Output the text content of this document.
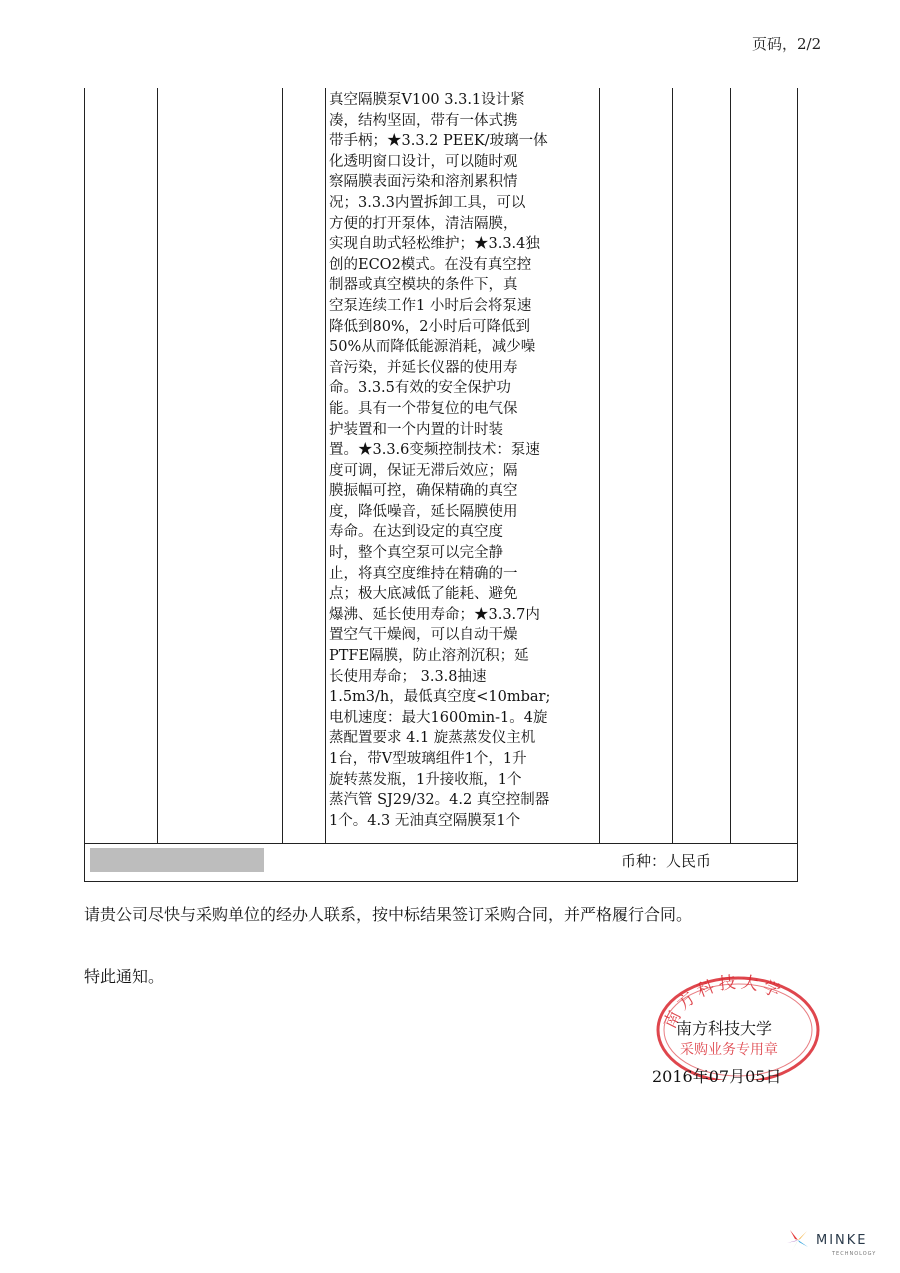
页码，2/2
真空隔膜泵V100 3.3.1设计紧
凑，结构坚固，带有一体式携
带手柄；★3.3.2 PEEK/玻璃一体
化透明窗口设计，可以随时观
察隔膜表面污染和溶剂累积情
况；3.3.3内置拆卸工具，可以
方便的打开泵体，清洁隔膜，
实现自助式轻松维护；★3.3.4独
创的ECO2模式。在没有真空控
制器或真空模块的条件下，真
空泵连续工作1 小时后会将泵速
降低到80%，2小时后可降低到
50%从而降低能源消耗，减少噪
音污染，并延长仪器的使用寿
命。3.3.5有效的安全保护功
能。具有一个带复位的电气保
护装置和一个内置的计时装
置。★3.3.6变频控制技术：泵速
度可调，保证无滞后效应；隔
膜振幅可控，确保精确的真空
度，降低噪音，延长隔膜使用
寿命。在达到设定的真空度
时，整个真空泵可以完全静
止，将真空度维持在精确的一
点；极大底减低了能耗、避免
爆沸、延长使用寿命；★3.3.7内
置空气干燥阀，可以自动干燥
PTFE隔膜，防止溶剂沉积；延
长使用寿命； 3.3.8抽速
1.5m3/h，最低真空度<10mbar;
电机速度：最大1600min-1。4旋
蒸配置要求 4.1 旋蒸蒸发仪主机
1台，带V型玻璃组件1个，1升
旋转蒸发瓶，1升接收瓶，1个
蒸汽管 SJ29/32。4.2 真空控制器
1个。4.3 无油真空隔膜泵1个
币种：人民币
请贵公司尽快与采购单位的经办人联系，按中标结果签订采购合同，并严格履行合同。
特此通知。
南方科技大学
采购业务专用章
南方科技大学
2016年07月05日
MINKE
TECHNOLOGY
